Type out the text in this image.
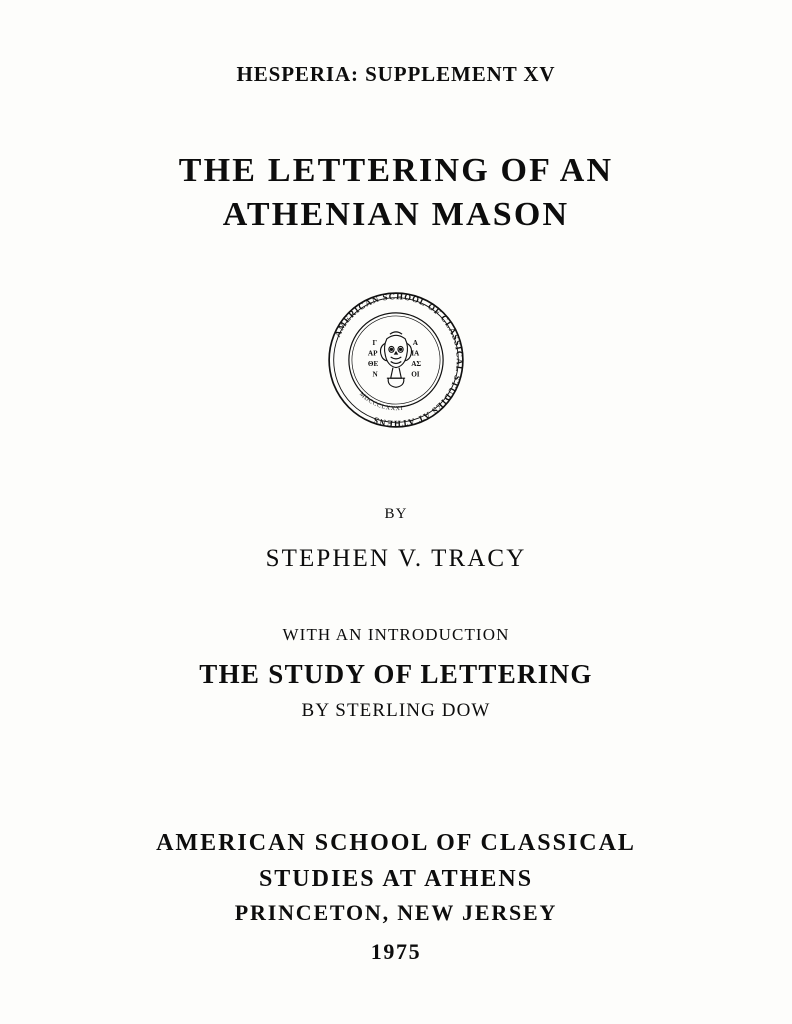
HESPERIA: SUPPLEMENT XV
THE LETTERING OF AN
ATHENIAN MASON
AMERICAN SCHOOL OF CLASSICAL STUDIES AT ATHENS
MDCCCLXXXI
Γ	A
AP	IA
ΘE	AΣ
N	OI
BY
STEPHEN V. TRACY
WITH AN INTRODUCTION
THE STUDY OF LETTERING
BY STERLING DOW
AMERICAN SCHOOL OF CLASSICAL
STUDIES AT ATHENS
PRINCETON, NEW JERSEY
1975
